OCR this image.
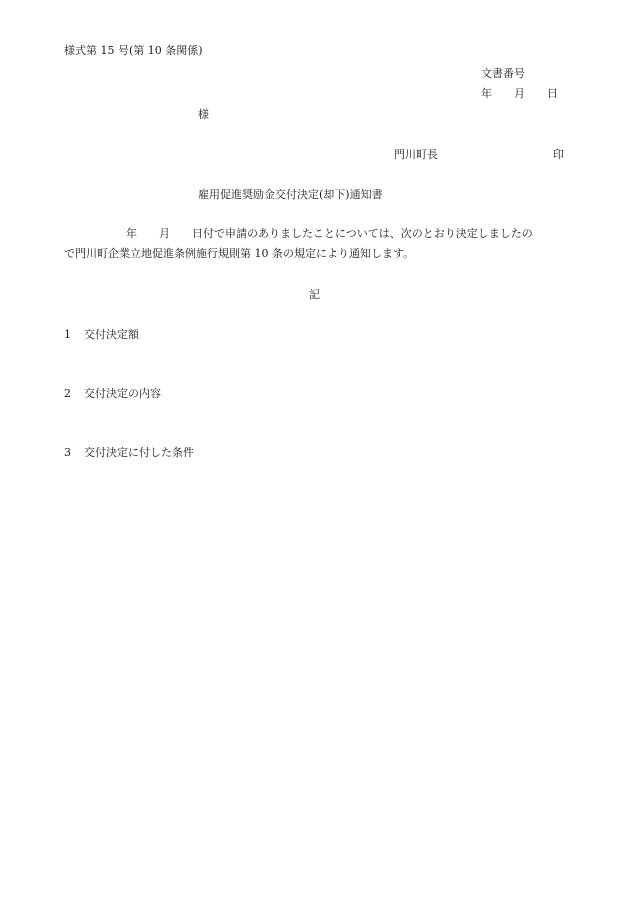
様式第 15 号(第 10 条関係)
文書番号
年 月 日
様
門川町長	印
雇用促進奨励金交付決定(却下)通知書
年 月 日付で申請のありましたことについては、次のとおり決定しましたの
で門川町企業立地促進条例施行規則第 10 条の規定により通知します。
記
1 交付決定額
2 交付決定の内容
3 交付決定に付した条件
